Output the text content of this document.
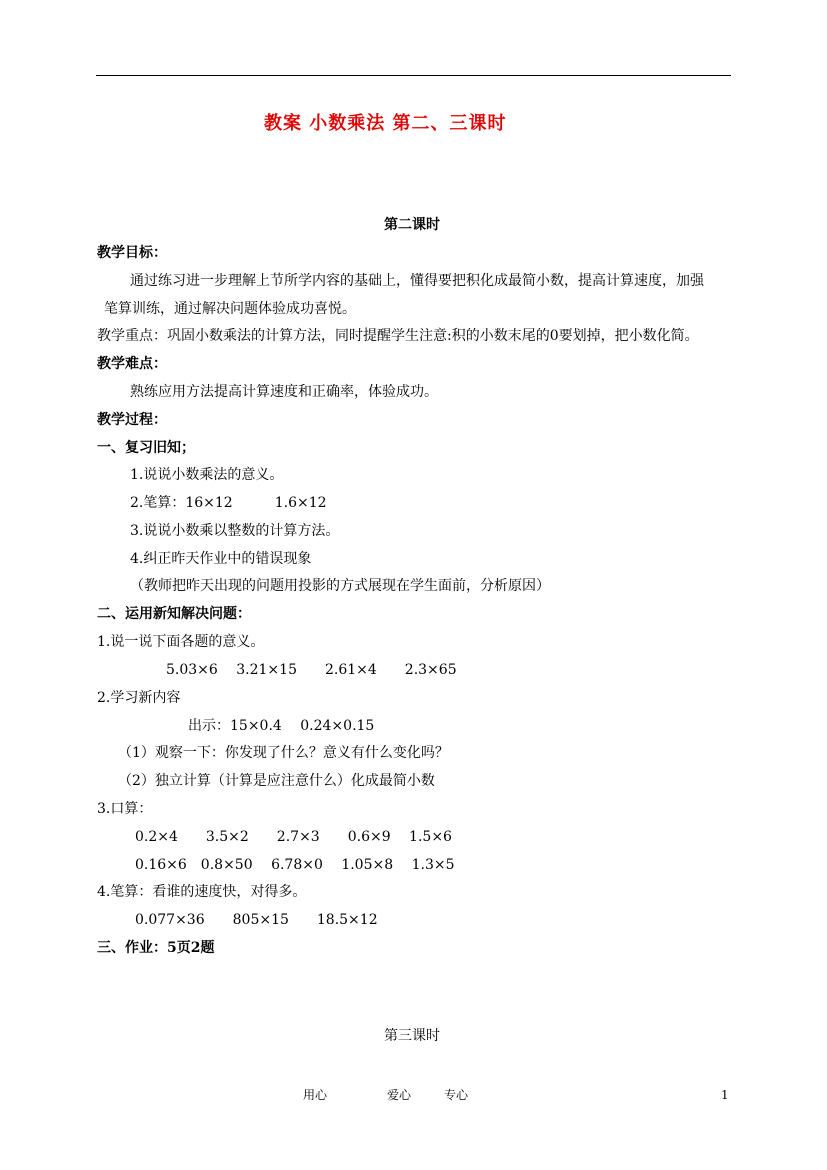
教案 小数乘法 第二、三课时
第二课时
教学目标：
通过练习进一步理解上节所学内容的基础上，懂得要把积化成最简小数，提高计算速度，加强
笔算训练，通过解决问题体验成功喜悦。
教学重点：巩固小数乘法的计算方法，同时提醒学生注意:积的小数末尾的0要划掉，把小数化简。
教学难点：
熟练应用方法提高计算速度和正确率，体验成功。
教学过程：
一、复习旧知；
1.说说小数乘法的意义。
2.笔算：16×12　　　1.6×12
3.说说小数乘以整数的计算方法。
4.纠正昨天作业中的错误现象
（教师把昨天出现的问题用投影的方式展现在学生面前，分析原因）
二、运用新知解决问题：
1.说一说下面各题的意义。
5.03×6　 3.21×15　　2.61×4　　2.3×65
2.学习新内容
出示：15×0.4　 0.24×0.15
（1）观察一下：你发现了什么？意义有什么变化吗？
（2）独立计算（计算是应注意什么）化成最简小数
3.口算：
0.2×4　　3.5×2　　2.7×3　　0.6×9　 1.5×6
0.16×6　0.8×50　 6.78×0　 1.05×8　 1.3×5
4.笔算：看谁的速度快，对得多。
0.077×36　　805×15　　18.5×12
三、作业：5页2题
第三课时
用心	爱心	专心	1
